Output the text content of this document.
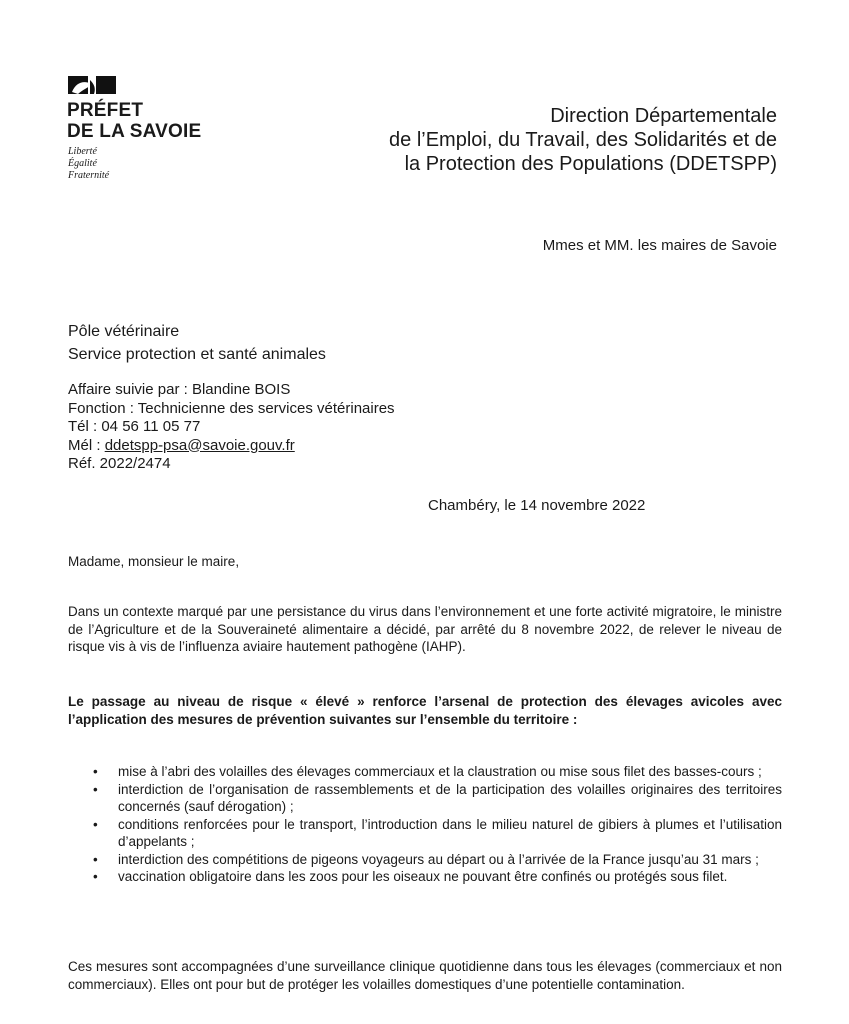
PRÉFET
DE LA SAVOIE
Liberté
Égalité
Fraternité
Direction Départementale
de l’Emploi, du Travail, des Solidarités et de
la Protection des Populations (DDETSPP)
Mmes et MM. les maires de Savoie
Pôle vétérinaire
Service protection et santé animales
Affaire suivie par : Blandine BOIS
Fonction : Technicienne des services vétérinaires
Tél : 04 56 11 05 77
Mél : ddetspp-psa@savoie.gouv.fr
Réf. 2022/2474
Chambéry, le 14 novembre 2022
Madame, monsieur le maire,
Dans un contexte marqué par une persistance du virus dans l’environnement et une forte activité migratoire, le ministre de l’Agriculture et de la Souveraineté alimentaire a décidé, par arrêté du 8 novembre 2022, de relever le niveau de risque vis à vis de l’influenza aviaire hautement pathogène (IAHP).
Le passage au niveau de risque « élevé » renforce l’arsenal de protection des élevages avicoles avec l’application des mesures de prévention suivantes sur l’ensemble du territoire :
• mise à l’abri des volailles des élevages commerciaux et la claustration ou mise sous filet des basses-cours ;
• interdiction de l’organisation de rassemblements et de la participation des volailles originaires des territoires concernés (sauf dérogation) ;
• conditions renforcées pour le transport, l’introduction dans le milieu naturel de gibiers à plumes et l’utilisation d’appelants ;
• interdiction des compétitions de pigeons voyageurs au départ ou à l’arrivée de la France jusqu’au 31 mars ;
• vaccination obligatoire dans les zoos pour les oiseaux ne pouvant être confinés ou protégés sous filet.
Ces mesures sont accompagnées d’une surveillance clinique quotidienne dans tous les élevages (commerciaux et non commerciaux). Elles ont pour but de protéger les volailles domestiques d’une potentielle contamination.
